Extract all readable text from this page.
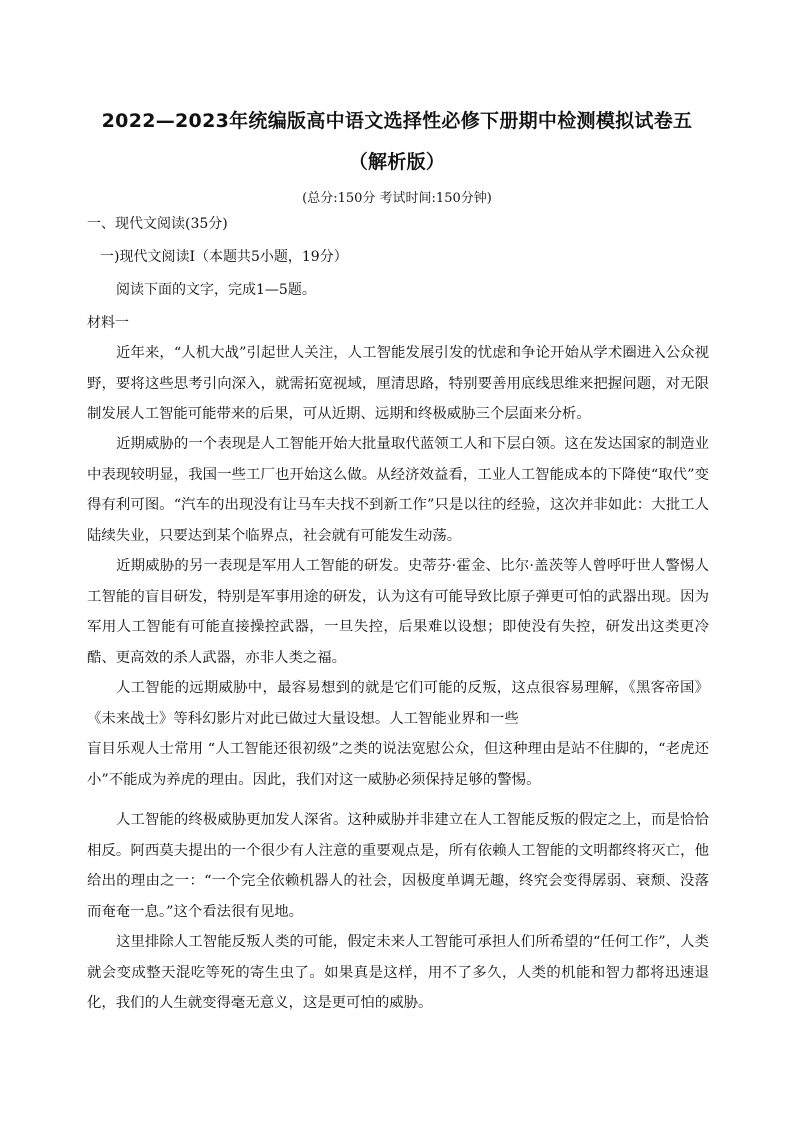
2022—2023年统编版高中语文选择性必修下册期中检测模拟试卷五
（解析版）
(总分:150分 考试时间:150分钟)

一、现代文阅读(35分)

一)现代文阅读Ⅰ（本题共5小题，19分）

阅读下面的文字，完成1—5题。

材料一

近年来，“人机大战”引起世人关注，人工智能发展引发的忧虑和争论开始从学术圈进入公众视野，要将这些思考引向深入，就需拓宽视域，厘清思路，特别要善用底线思维来把握问题，对无限制发展人工智能可能带来的后果，可从近期、远期和终极威胁三个层面来分析。

近期威胁的一个表现是人工智能开始大批量取代蓝领工人和下层白领。这在发达国家的制造业中表现较明显，我国一些工厂也开始这么做。从经济效益看，工业人工智能成本的下降使“取代”变得有利可图。“汽车的出现没有让马车夫找不到新工作”只是以往的经验，这次并非如此：大批工人陆续失业，只要达到某个临界点，社会就有可能发生动荡。

近期威胁的另一表现是军用人工智能的研发。史蒂芬·霍金、比尔·盖茨等人曾呼吁世人警惕人工智能的盲目研发，特别是军事用途的研发，认为这有可能导致比原子弹更可怕的武器出现。因为军用人工智能有可能直接操控武器，一旦失控，后果难以设想；即使没有失控，研发出这类更冷酷、更高效的杀人武器，亦非人类之福。

人工智能的远期威胁中，最容易想到的就是它们可能的反叛，这点很容易理解，《黑客帝国》《未来战士》等科幻影片对此已做过大量设想。人工智能业界和一些

盲目乐观人士常用 “人工智能还很初级”之类的说法宽慰公众，但这种理由是站不住脚的，“老虎还小”不能成为养虎的理由。因此，我们对这一威胁必须保持足够的警惕。

人工智能的终极威胁更加发人深省。这种威胁并非建立在人工智能反叛的假定之上，而是恰恰相反。阿西莫夫提出的一个很少有人注意的重要观点是，所有依赖人工智能的文明都终将灭亡，他给出的理由之一：“一个完全依赖机器人的社会，因极度单调无趣，终究会变得孱弱、衰颓、没落而奄奄一息。”这个看法很有见地。

这里排除人工智能反叛人类的可能，假定未来人工智能可承担人们所希望的“任何工作”，人类就会变成整天混吃等死的寄生虫了。如果真是这样，用不了多久，人类的机能和智力都将迅速退化，我们的人生就变得毫无意义，这是更可怕的威胁。
